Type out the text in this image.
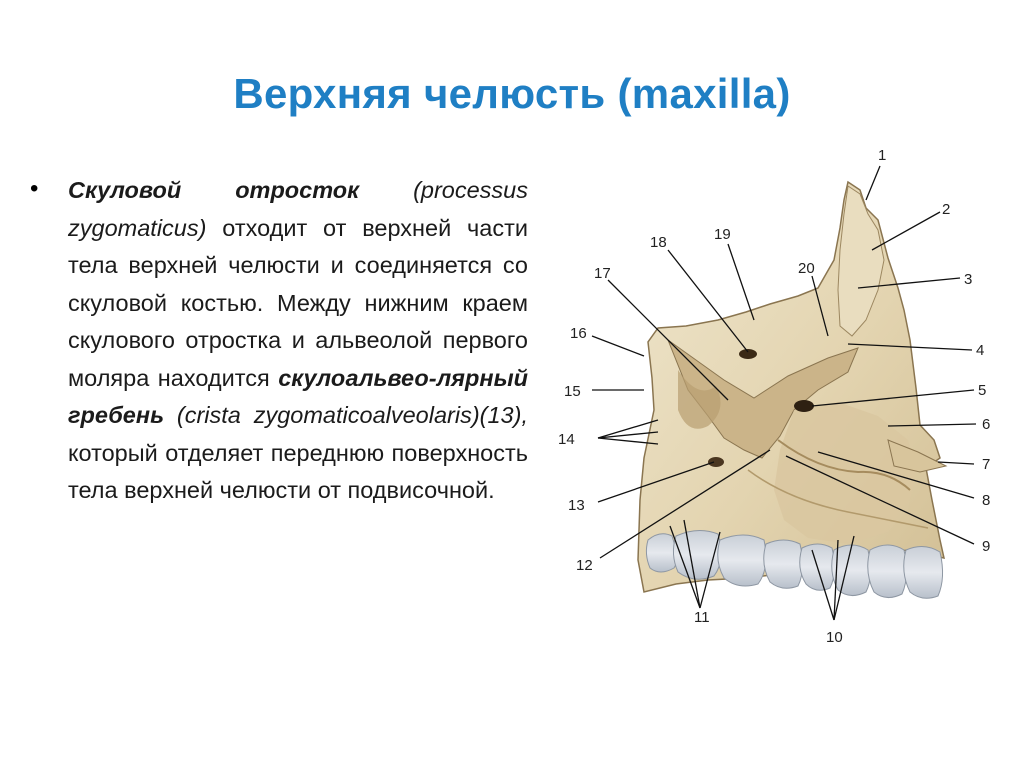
Верхняя челюсть (maxilla)
• Скуловой отросток (processus zygomaticus) отходит от верхней части тела верхней челюсти и соединяется со скуловой костью. Между нижним краем скулового отростка и альвеолой первого моляра находится скулоальвео-лярный гребень (crista zygomaticoalveolaris)(13), который отделяет переднюю поверхность тела верхней челюсти от подвисочной.
1
2
3
4
5
6
7
8
9
10
11
12
13
14
15
16
17
18	19
20
